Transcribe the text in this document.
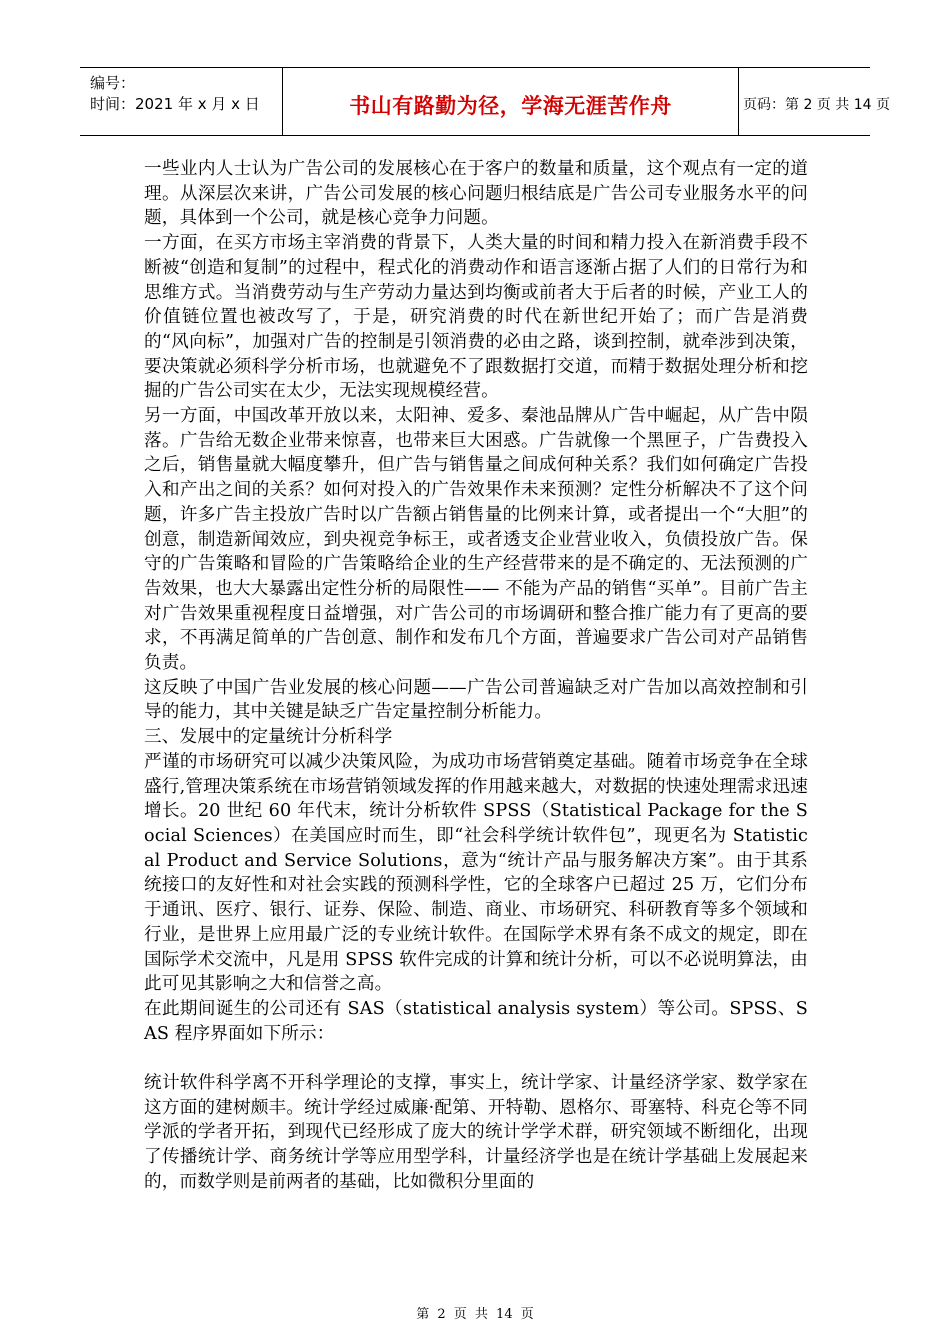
编号：
时间：2021 年 x 月 x 日	书山有路勤为径，学海无涯苦作舟	页码：第 2 页 共 14 页

一些业内人士认为广告公司的发展核心在于客户的数量和质量，这个观点有一定的道理。从深层次来讲，广告公司发展的核心问题归根结底是广告公司专业服务水平的问题，具体到一个公司，就是核心竞争力问题。

一方面，在买方市场主宰消费的背景下，人类大量的时间和精力投入在新消费手段不断被“创造和复制”的过程中，程式化的消费动作和语言逐渐占据了人们的日常行为和思维方式。当消费劳动与生产劳动力量达到均衡或前者大于后者的时候，产业工人的价值链位置也被改写了，于是，研究消费的时代在新世纪开始了；而广告是消费的“风向标”，加强对广告的控制是引领消费的必由之路，谈到控制，就牵涉到决策，要决策就必须科学分析市场，也就避免不了跟数据打交道，而精于数据处理分析和挖掘的广告公司实在太少，无法实现规模经营。

另一方面，中国改革开放以来，太阳神、爱多、秦池品牌从广告中崛起，从广告中陨落。广告给无数企业带来惊喜，也带来巨大困惑。广告就像一个黑匣子，广告费投入之后，销售量就大幅度攀升，但广告与销售量之间成何种关系？我们如何确定广告投入和产出之间的关系？如何对投入的广告效果作未来预测？定性分析解决不了这个问题，许多广告主投放广告时以广告额占销售量的比例来计算，或者提出一个“大胆”的创意，制造新闻效应，到央视竞争标王，或者透支企业营业收入，负债投放广告。保守的广告策略和冒险的广告策略给企业的生产经营带来的是不确定的、无法预测的广告效果，也大大暴露出定性分析的局限性—— 不能为产品的销售“买单”。目前广告主对广告效果重视程度日益增强，对广告公司的市场调研和整合推广能力有了更高的要求，不再满足简单的广告创意、制作和发布几个方面，普遍要求广告公司对产品销售负责。

这反映了中国广告业发展的核心问题——广告公司普遍缺乏对广告加以高效控制和引导的能力，其中关键是缺乏广告定量控制分析能力。

三、发展中的定量统计分析科学

严谨的市场研究可以减少决策风险，为成功市场营销奠定基础。随着市场竞争在全球盛行,管理决策系统在市场营销领域发挥的作用越来越大，对数据的快速处理需求迅速增长。20 世纪 60 年代末，统计分析软件 SPSS（Statistical Package for the Social Sciences）在美国应时而生，即“社会科学统计软件包”，现更名为 Statistical Product and Service Solutions，意为“统计产品与服务解决方案”。由于其系统接口的友好性和对社会实践的预测科学性，它的全球客户已超过 25 万，它们分布于通讯、医疗、银行、证券、保险、制造、商业、市场研究、科研教育等多个领域和行业，是世界上应用最广泛的专业统计软件。在国际学术界有条不成文的规定，即在国际学术交流中，凡是用 SPSS 软件完成的计算和统计分析，可以不必说明算法，由此可见其影响之大和信誉之高。

在此期间诞生的公司还有 SAS（statistical analysis system）等公司。SPSS、SAS 程序界面如下所示：

统计软件科学离不开科学理论的支撑，事实上，统计学家、计量经济学家、数学家在这方面的建树颇丰。统计学经过威廉·配第、开特勒、恩格尔、哥塞特、科克仑等不同学派的学者开拓，到现代已经形成了庞大的统计学学术群，研究领域不断细化，出现了传播统计学、商务统计学等应用型学科，计量经济学也是在统计学基础上发展起来的，而数学则是前两者的基础，比如微积分里面的

第 2 页 共 14 页
